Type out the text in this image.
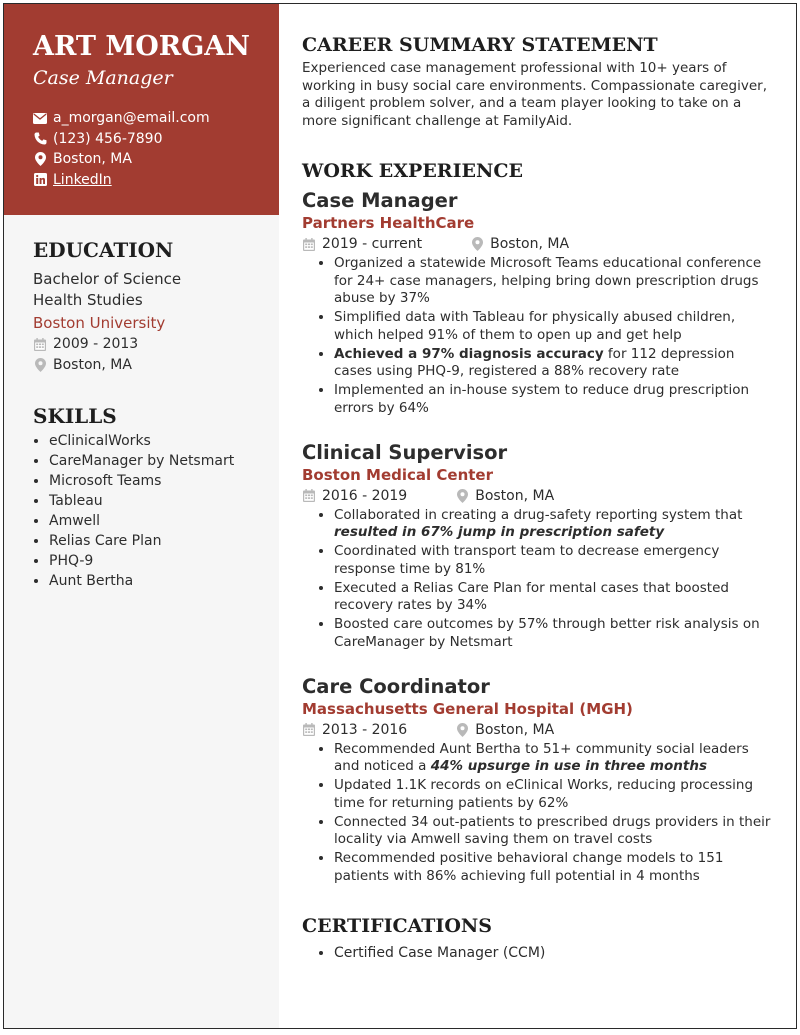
ART MORGAN
Case Manager
a_morgan@email.com
(123) 456-7890
Boston, MA
LinkedIn
EDUCATION
Bachelor of Science
Health Studies
Boston University
2009 - 2013
Boston, MA
SKILLS
• eClinicalWorks
• CareManager by Netsmart
• Microsoft Teams
• Tableau
• Amwell
• Relias Care Plan
• PHQ-9
• Aunt Bertha
CAREER SUMMARY STATEMENT

Experienced case management professional with 10+ years of working in busy social care environments. Compassionate caregiver, a diligent problem solver, and a team player looking to take on a more significant challenge at FamilyAid.

WORK EXPERIENCE
Case Manager
Partners HealthCare
2019 - current	Boston, MA
• Organized a statewide Microsoft Teams educational conference for 24+ case managers, helping bring down prescription drugs abuse by 37%
• Simplified data with Tableau for physically abused children, which helped 91% of them to open up and get help
• Achieved a 97% diagnosis accuracy for 112 depression cases using PHQ-9, registered a 88% recovery rate
• Implemented an in-house system to reduce drug prescription errors by 64%
Clinical Supervisor
Boston Medical Center
2016 - 2019	Boston, MA
• Collaborated in creating a drug-safety reporting system that resulted in 67% jump in prescription safety
• Coordinated with transport team to decrease emergency response time by 81%
• Executed a Relias Care Plan for mental cases that boosted recovery rates by 34%
• Boosted care outcomes by 57% through better risk analysis on CareManager by Netsmart
Care Coordinator
Massachusetts General Hospital (MGH)
2013 - 2016	Boston, MA
• Recommended Aunt Bertha to 51+ community social leaders and noticed a 44% upsurge in use in three months
• Updated 1.1K records on eClinical Works, reducing processing time for returning patients by 62%
• Connected 34 out-patients to prescribed drugs providers in their locality via Amwell saving them on travel costs
• Recommended positive behavioral change models to 151 patients with 86% achieving full potential in 4 months
CERTIFICATIONS
• Certified Case Manager (CCM)
